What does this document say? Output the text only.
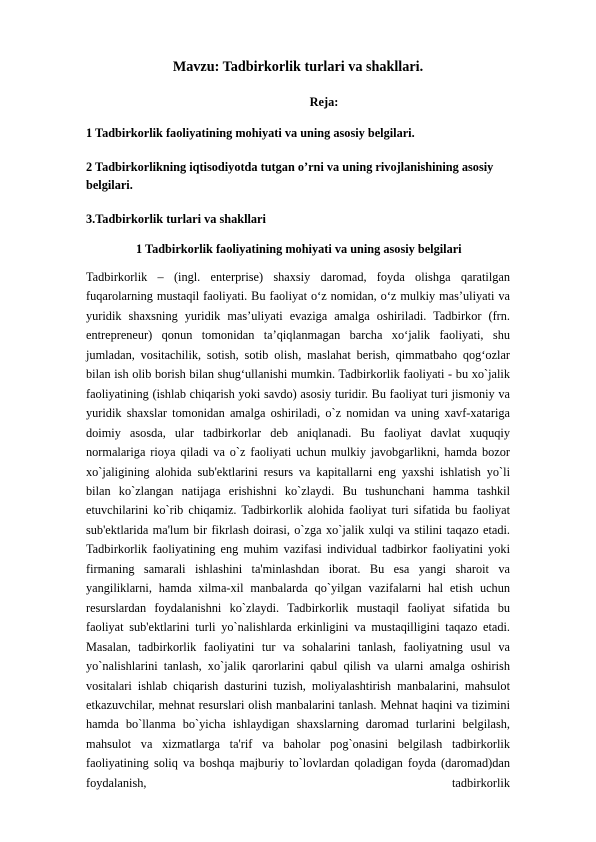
Mavzu: Tadbirkorlik turlari va shakllari.
Reja:
1 Tadbirkorlik faoliyatining mohiyati va uning asosiy belgilari.
2 Tadbirkorlikning iqtisodiyotda tutgan o’rni va uning rivojlanishining asosiy belgilari.
3.Tadbirkorlik turlari va shakllari
1 Tadbirkorlik faoliyatining mohiyati va uning asosiy belgilari

Tadbirkorlik – (ingl. enterprise) shaxsiy daromad, foyda olishga qaratilgan fuqarolarning mustaqil faoliyati. Bu faoliyat o‘z nomidan, o‘z mulkiy mas’uliyati va yuridik shaxsning yuridik mas’uliyati evaziga amalga oshiriladi. Tadbirkor (frn. entrepreneur) qonun tomonidan ta’qiqlanmagan barcha xo‘jalik faoliyati, shu jumladan, vositachilik, sotish, sotib olish, maslahat berish, qimmatbaho qog‘ozlar bilan ish olib borish bilan shug‘ullanishi mumkin. Tadbirkorlik faoliyati - bu xo`jalik faoliyatining (ishlab chiqarish yoki savdo) asosiy turidir. Bu faoliyat turi jismoniy va yuridik shaxslar tomonidan amalga oshiriladi, o`z nomidan va uning xavf-xatariga doimiy asosda, ular tadbirkorlar deb aniqlanadi. Bu faoliyat davlat xuquqiy normalariga rioya qiladi va o`z faoliyati uchun mulkiy javobgarlikni, hamda bozor xo`jaligining alohida sub'ektlarini resurs va kapitallarni eng yaxshi ishlatish yo`li bilan ko`zlangan natijaga erishishni ko`zlaydi. Bu tushunchani hamma tashkil etuvchilarini ko`rib chiqamiz. Tadbirkorlik alohida faoliyat turi sifatida bu faoliyat sub'ektlarida ma'lum bir fikrlash doirasi, o`zga xo`jalik xulqi va stilini taqazo etadi. Tadbirkorlik faoliyatining eng muhim vazifasi individual tadbirkor faoliyatini yoki firmaning samarali ishlashini ta'minlashdan iborat. Bu esa yangi sharoit va yangiliklarni, hamda xilma-xil manbalarda qo`yilgan vazifalarni hal etish uchun resurslardan foydalanishni ko`zlaydi. Tadbirkorlik mustaqil faoliyat sifatida bu faoliyat sub'ektlarini turli yo`nalishlarda erkinligini va mustaqilligini taqazo etadi. Masalan, tadbirkorlik faoliyatini tur va sohalarini tanlash, faoliyatning usul va yo`nalishlarini tanlash, xo`jalik qarorlarini qabul qilish va ularni amalga oshirish vositalari ishlab chiqarish dasturini tuzish, moliyalashtirish manbalarini, mahsulot etkazuvchilar, mehnat resurslari olish manbalarini tanlash. Mehnat haqini va tizimini hamda bo`llanma bo`yicha ishlaydigan shaxslarning daromad turlarini belgilash, mahsulot va xizmatlarga ta'rif va baholar pog`onasini belgilash tadbirkorlik faoliyatining soliq va boshqa majburiy to`lovlardan qoladigan foyda (daromad)dan foydalanish, tadbirkorlik
